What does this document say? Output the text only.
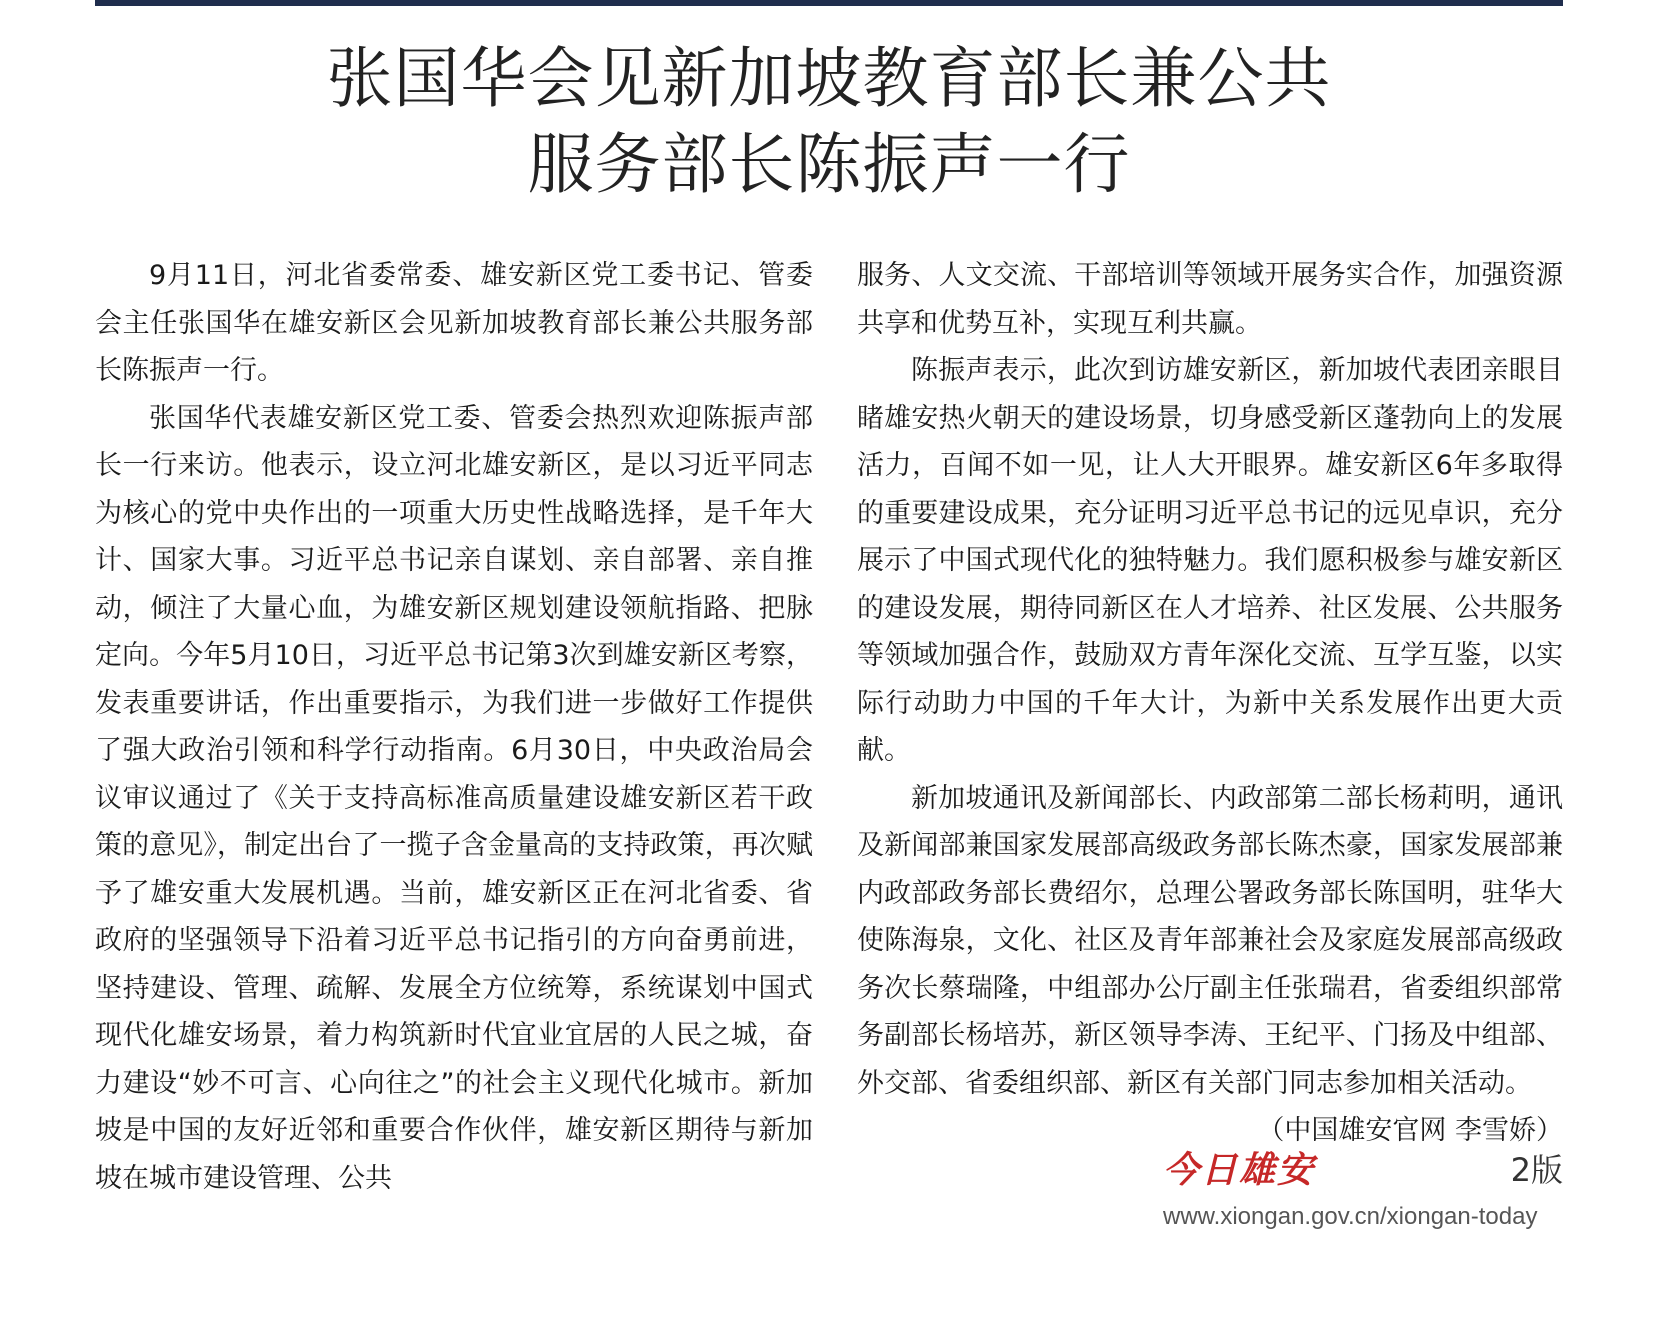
张国华会见新加坡教育部长兼公共
服务部长陈振声一行

9月11日，河北省委常委、雄安新区党工委书记、管委会主任张国华在雄安新区会见新加坡教育部长兼公共服务部长陈振声一行。

张国华代表雄安新区党工委、管委会热烈欢迎陈振声部长一行来访。他表示，设立河北雄安新区，是以习近平同志为核心的党中央作出的一项重大历史性战略选择，是千年大计、国家大事。习近平总书记亲自谋划、亲自部署、亲自推动，倾注了大量心血，为雄安新区规划建设领航指路、把脉定向。今年5月10日，习近平总书记第3次到雄安新区考察，发表重要讲话，作出重要指示，为我们进一步做好工作提供了强大政治引领和科学行动指南。6月30日，中央政治局会议审议通过了《关于支持高标准高质量建设雄安新区若干政策的意见》，制定出台了一揽子含金量高的支持政策，再次赋予了雄安重大发展机遇。当前，雄安新区正在河北省委、省政府的坚强领导下沿着习近平总书记指引的方向奋勇前进，坚持建设、管理、疏解、发展全方位统筹，系统谋划中国式现代化雄安场景，着力构筑新时代宜业宜居的人民之城，奋力建设“妙不可言、心向往之”的社会主义现代化城市。新加坡是中国的友好近邻和重要合作伙伴，雄安新区期待与新加坡在城市建设管理、公共

服务、人文交流、干部培训等领域开展务实合作，加强资源共享和优势互补，实现互利共赢。

陈振声表示，此次到访雄安新区，新加坡代表团亲眼目睹雄安热火朝天的建设场景，切身感受新区蓬勃向上的发展活力，百闻不如一见，让人大开眼界。雄安新区6年多取得的重要建设成果，充分证明习近平总书记的远见卓识，充分展示了中国式现代化的独特魅力。我们愿积极参与雄安新区的建设发展，期待同新区在人才培养、社区发展、公共服务等领域加强合作，鼓励双方青年深化交流、互学互鉴，以实际行动助力中国的千年大计，为新中关系发展作出更大贡献。

新加坡通讯及新闻部长、内政部第二部长杨莉明，通讯及新闻部兼国家发展部高级政务部长陈杰豪，国家发展部兼内政部政务部长费绍尔，总理公署政务部长陈国明，驻华大使陈海泉，文化、社区及青年部兼社会及家庭发展部高级政务次长蔡瑞隆，中组部办公厅副主任张瑞君，省委组织部常务副部长杨培苏，新区领导李涛、王纪平、门扬及中组部、外交部、省委组织部、新区有关部门同志参加相关活动。
（中国雄安官网 李雪娇）

今日雄安	2版
www.xiongan.gov.cn/xiongan-today
